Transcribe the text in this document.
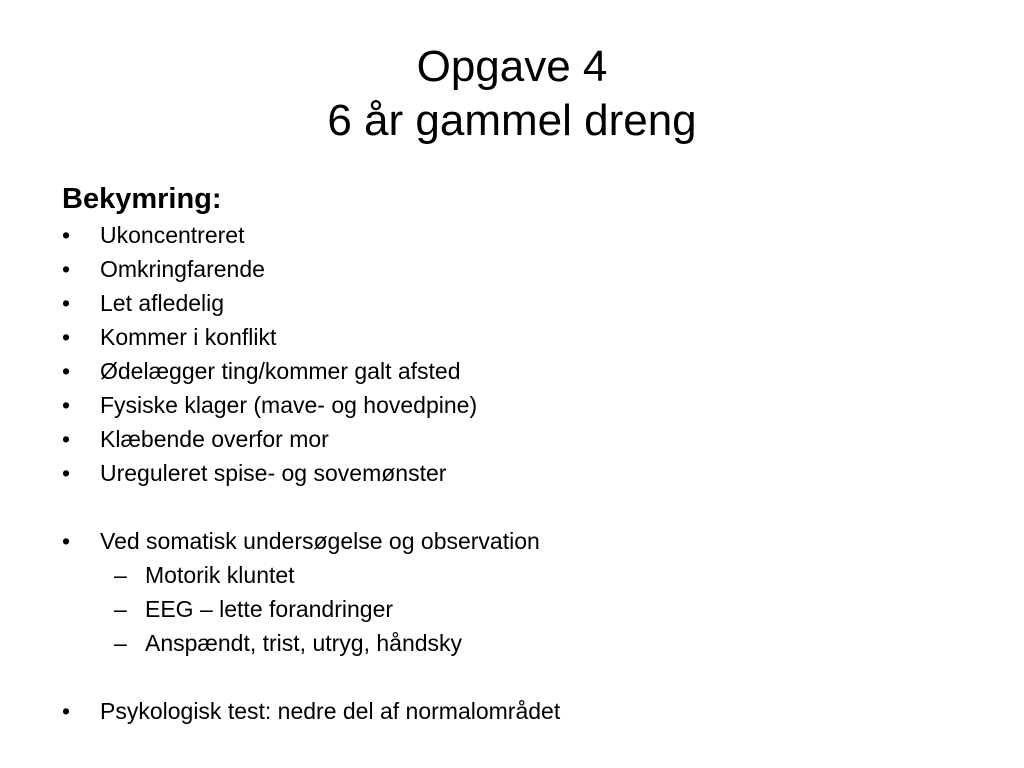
Opgave 4
6 år gammel dreng
Bekymring:
• Ukoncentreret
• Omkringfarende
• Let afledelig
• Kommer i konflikt
• Ødelægger ting/kommer galt afsted
• Fysiske klager (mave- og hovedpine)
• Klæbende overfor mor
• Ureguleret spise- og sovemønster
• Ved somatisk undersøgelse og observation
– Motorik kluntet
– EEG – lette forandringer
– Anspændt, trist, utryg, håndsky
• Psykologisk test: nedre del af normalområdet
